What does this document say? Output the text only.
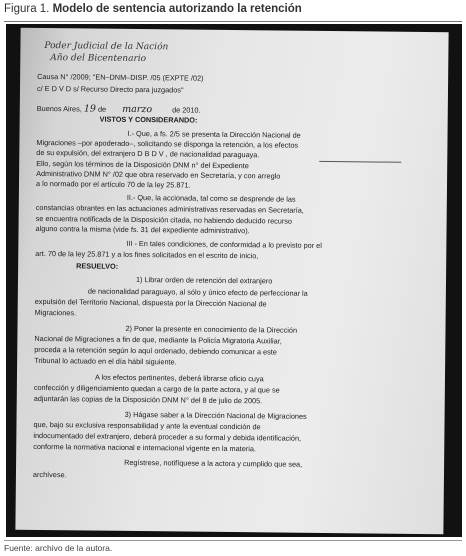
Figura 1. Modelo de sentencia autorizando la retención
Poder Judicial de la Nación
Año del Bicentenario
Causa N° /2009; "EN–DNM–DISP. /05 (EXPTE /02)
c/ E D V D s/ Recurso Directo para juzgados"
Buenos Aires, 19 de marzo	de 2010.
VISTOS Y CONSIDERANDO:
I.- Que, a fs. 2/5 se presenta la Dirección Nacional de
Migraciones –por apoderado–, solicitando se disponga la retención, a los efectos
de su expulsión, del extranjero D B D V , de nacionalidad paraguaya.
Ello, según los términos de la Disposición DNM n° del Expediente
Administrativo DNM N° /02 que obra reservado en Secretaría, y con arreglo
a lo normado por el artículo 70 de la ley 25.871.
II.- Que, la accionada, tal como se desprende de las
constancias obrantes en las actuaciones administrativas reservadas en Secretaría,
se encuentra notificada de la Disposición citada, no habiendo deducido recurso
alguno contra la misma (vide fs. 31 del expediente administrativo).
III - En tales condiciones, de conformidad a lo previsto por el
art. 70 de la ley 25.871 y a los fines solicitados en el escrito de inicio,
RESUELVO:
1) Librar orden de retención del extranjero
de nacionalidad paraguayo, al sólo y único efecto de perfeccionar la
expulsión del Territorio Nacional, dispuesta por la Dirección Nacional de
Migraciones.
2) Poner la presente en conocimiento de la Dirección
Nacional de Migraciones a fin de que, mediante la Policía Migratoria Auxiliar,
proceda a la retención según lo aquí ordenado, debiendo comunicar a este
Tribunal lo actuado en el día hábil siguiente.
A los efectos pertinentes, deberá librarse oficio cuya
confección y diligenciamiento quedan a cargo de la parte actora, y al que se
adjuntarán las copias de la Disposición DNM N° del 8 de julio de 2005.
3) Hágase saber a la Dirección Nacional de Migraciones
que, bajo su exclusiva responsabilidad y ante la eventual condición de
indocumentado del extranjero, deberá proceder a su formal y debida identificación,
conforme la normativa nacional e internacional vigente en la materia.
Regístrese, notifíquese a la actora y cumplido que sea,
archívese.
Fuente: archivo de la autora.
